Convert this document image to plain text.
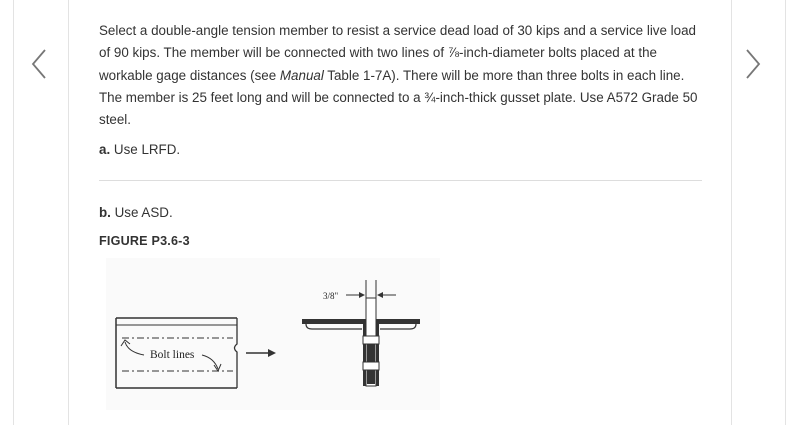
Select a double-angle tension member to resist a service dead load of 30 kips and a service live load of 90 kips. The member will be connected with two lines of ⅞-inch-diameter bolts placed at the workable gage distances (see Manual Table 1-7A). There will be more than three bolts in each line. The member is 25 feet long and will be connected to a ¾-inch-thick gusset plate. Use A572 Grade 50 steel.

a. Use LRFD.

b. Use ASD.

FIGURE P3.6-3
Bolt lines
3/8"
